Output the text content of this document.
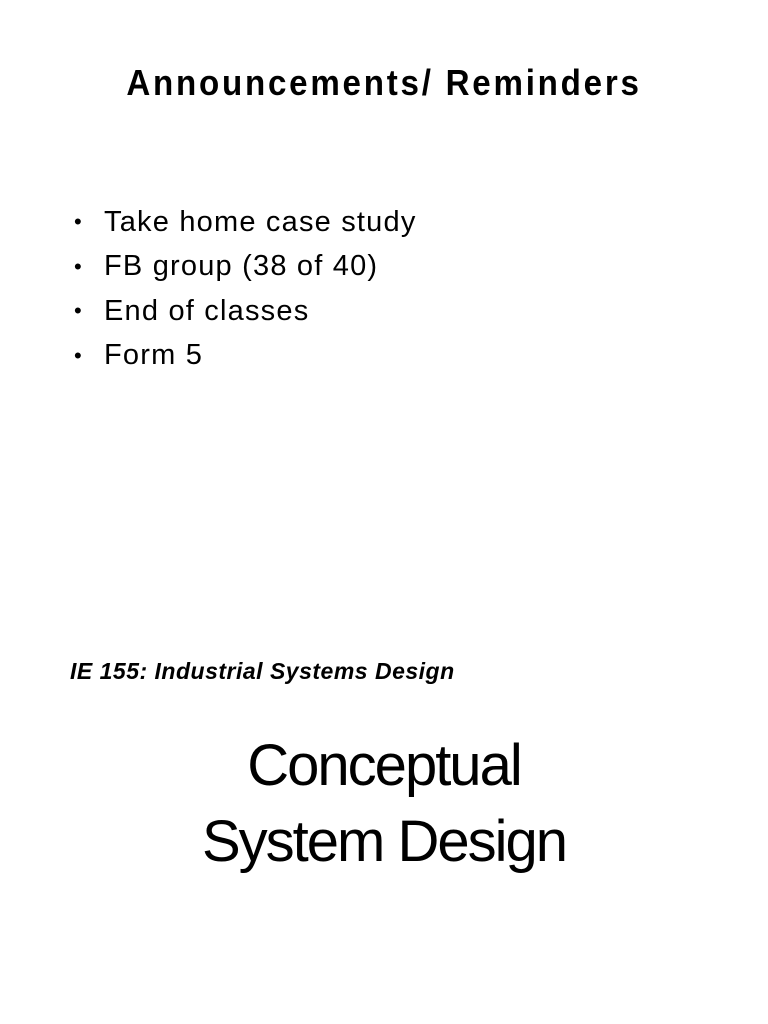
Announcements/ Reminders
• Take home case study
• FB group (38 of 40)
• End of classes
• Form 5

IE 155: Industrial Systems Design

Conceptual
System Design
